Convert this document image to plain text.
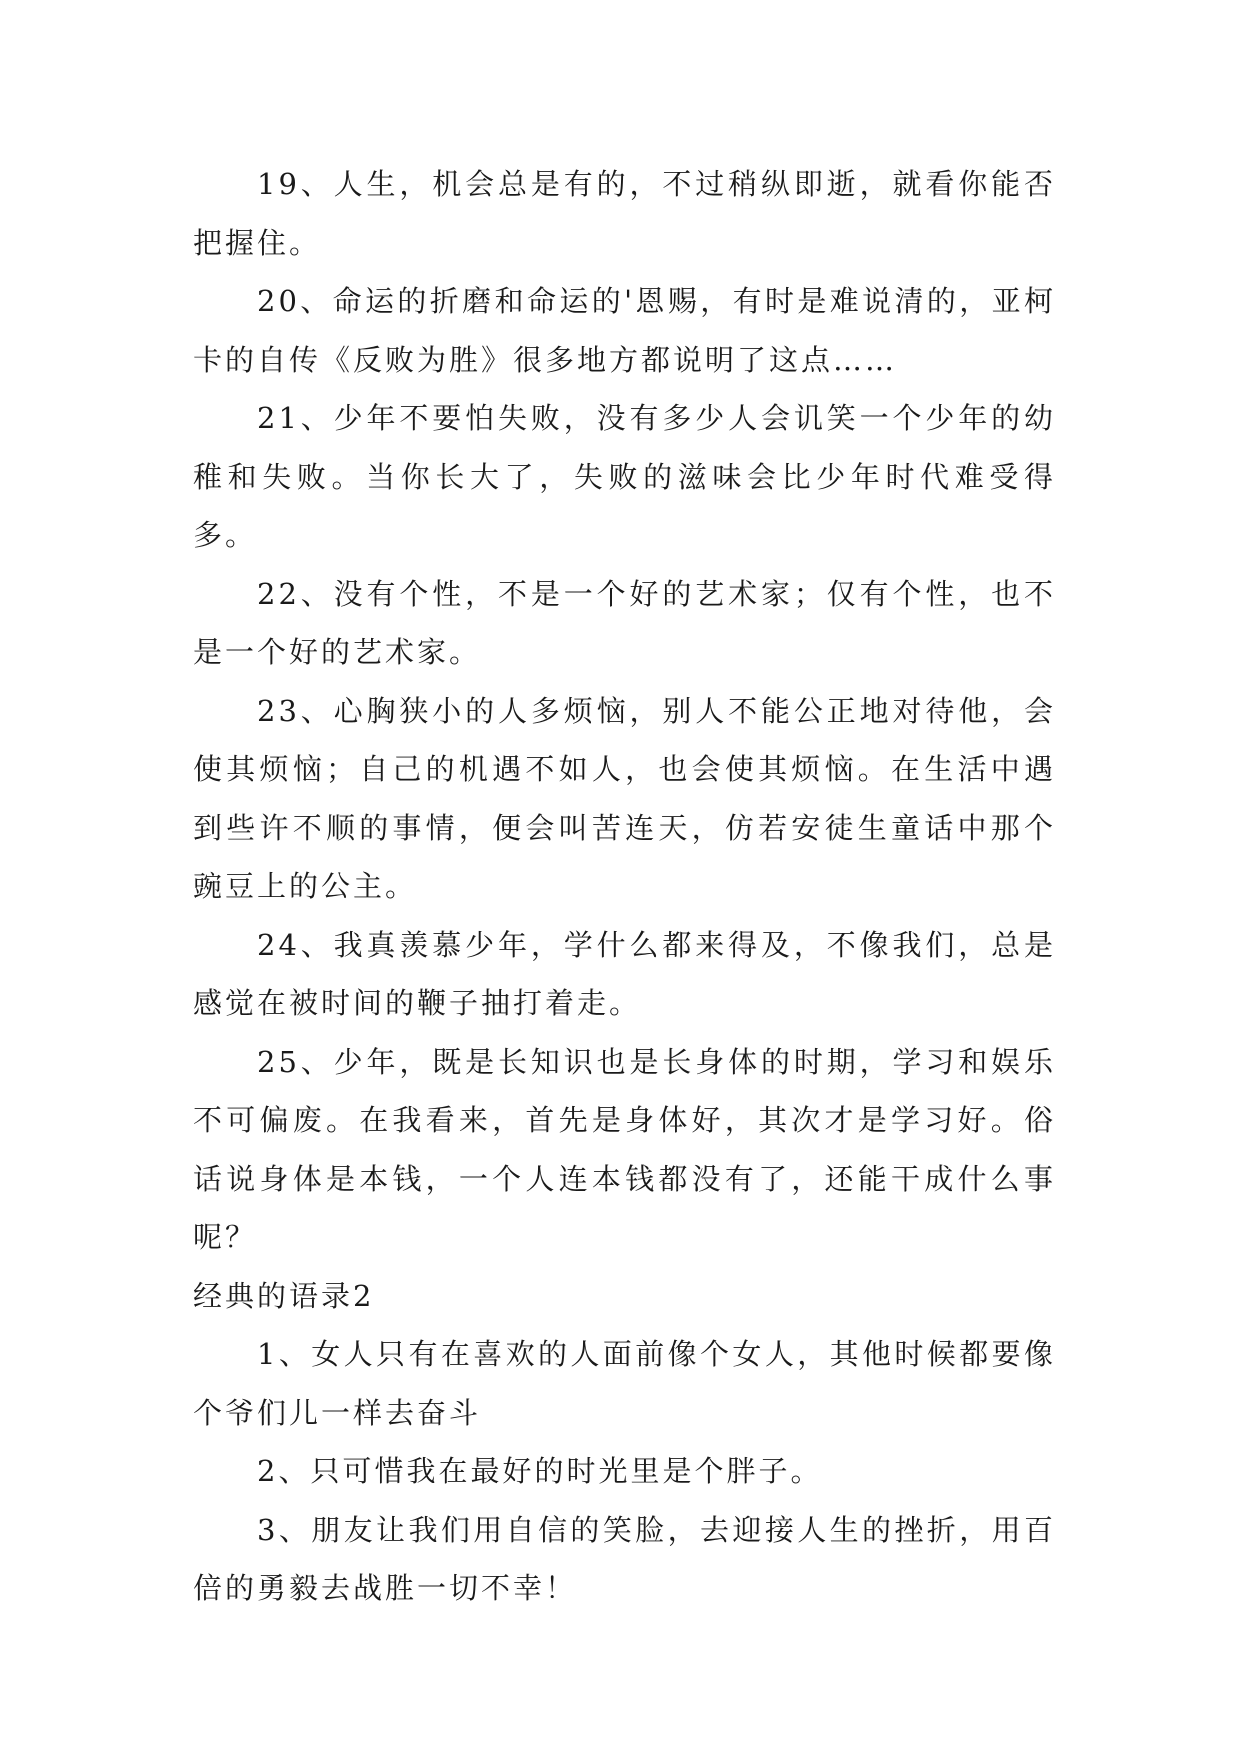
19、人生，机会总是有的，不过稍纵即逝，就看你能否把握住。

20、命运的折磨和命运的'恩赐，有时是难说清的，亚柯卡的自传《反败为胜》很多地方都说明了这点……

21、少年不要怕失败，没有多少人会讥笑一个少年的幼稚和失败。当你长大了，失败的滋味会比少年时代难受得多。

22、没有个性，不是一个好的艺术家；仅有个性，也不是一个好的艺术家。

23、心胸狭小的人多烦恼，别人不能公正地对待他，会使其烦恼；自己的机遇不如人，也会使其烦恼。在生活中遇到些许不顺的事情，便会叫苦连天，仿若安徒生童话中那个豌豆上的公主。

24、我真羡慕少年，学什么都来得及，不像我们，总是感觉在被时间的鞭子抽打着走。

25、少年，既是长知识也是长身体的时期，学习和娱乐不可偏废。在我看来，首先是身体好，其次才是学习好。俗话说身体是本钱，一个人连本钱都没有了，还能干成什么事呢？

经典的语录2

1、女人只有在喜欢的人面前像个女人，其他时候都要像个爷们儿一样去奋斗

2、只可惜我在最好的时光里是个胖子。

3、朋友让我们用自信的笑脸，去迎接人生的挫折，用百倍的勇毅去战胜一切不幸！
